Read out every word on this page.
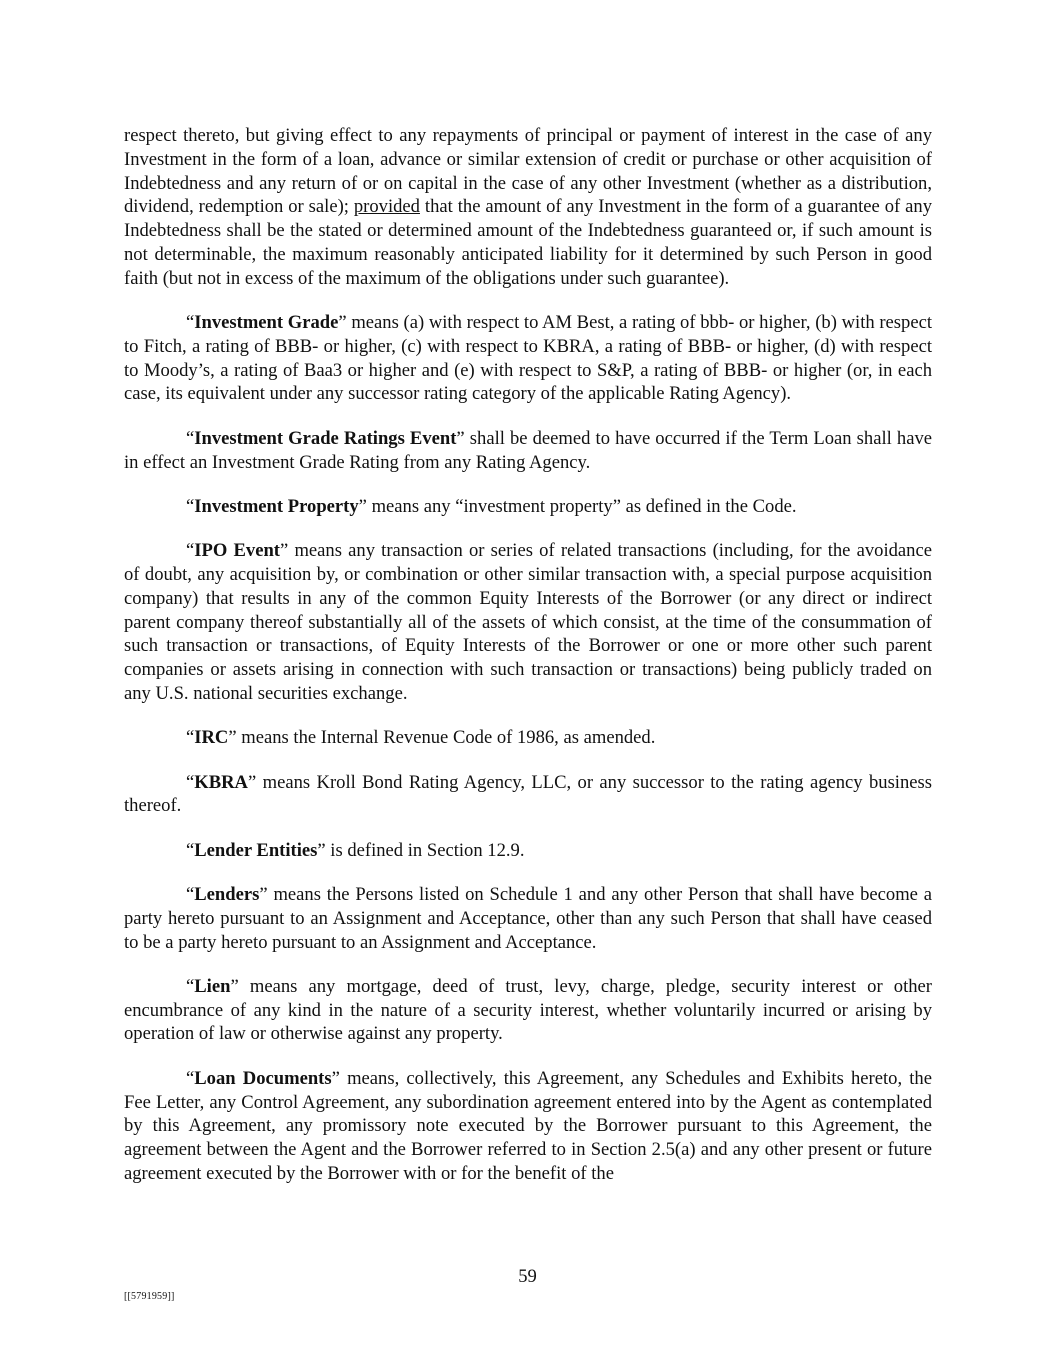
respect thereto, but giving effect to any repayments of principal or payment of interest in the case of any Investment in the form of a loan, advance or similar extension of credit or purchase or other acquisition of Indebtedness and any return of or on capital in the case of any other Investment (whether as a distribution, dividend, redemption or sale); provided that the amount of any Investment in the form of a guarantee of any Indebtedness shall be the stated or determined amount of the Indebtedness guaranteed or, if such amount is not determinable, the maximum reasonably anticipated liability for it determined by such Person in good faith (but not in excess of the maximum of the obligations under such guarantee).

“Investment Grade” means (a) with respect to AM Best, a rating of bbb- or higher, (b) with respect to Fitch, a rating of BBB- or higher, (c) with respect to KBRA, a rating of BBB- or higher, (d) with respect to Moody’s, a rating of Baa3 or higher and (e) with respect to S&P, a rating of BBB- or higher (or, in each case, its equivalent under any successor rating category of the applicable Rating Agency).

“Investment Grade Ratings Event” shall be deemed to have occurred if the Term Loan shall have in effect an Investment Grade Rating from any Rating Agency.

“Investment Property” means any “investment property” as defined in the Code.

“IPO Event” means any transaction or series of related transactions (including, for the avoidance of doubt, any acquisition by, or combination or other similar transaction with, a special purpose acquisition company) that results in any of the common Equity Interests of the Borrower (or any direct or indirect parent company thereof substantially all of the assets of which consist, at the time of the consummation of such transaction or transactions, of Equity Interests of the Borrower or one or more other such parent companies or assets arising in connection with such transaction or transactions) being publicly traded on any U.S. national securities exchange.

“IRC” means the Internal Revenue Code of 1986, as amended.

“KBRA” means Kroll Bond Rating Agency, LLC, or any successor to the rating agency business thereof.

“Lender Entities” is defined in Section 12.9.

“Lenders” means the Persons listed on Schedule 1 and any other Person that shall have become a party hereto pursuant to an Assignment and Acceptance, other than any such Person that shall have ceased to be a party hereto pursuant to an Assignment and Acceptance.

“Lien” means any mortgage, deed of trust, levy, charge, pledge, security interest or other encumbrance of any kind in the nature of a security interest, whether voluntarily incurred or arising by operation of law or otherwise against any property.

“Loan Documents” means, collectively, this Agreement, any Schedules and Exhibits hereto, the Fee Letter, any Control Agreement, any subordination agreement entered into by the Agent as contemplated by this Agreement, any promissory note executed by the Borrower pursuant to this Agreement, the agreement between the Agent and the Borrower referred to in Section 2.5(a) and any other present or future agreement executed by the Borrower with or for the benefit of the

59
[[5791959]]
